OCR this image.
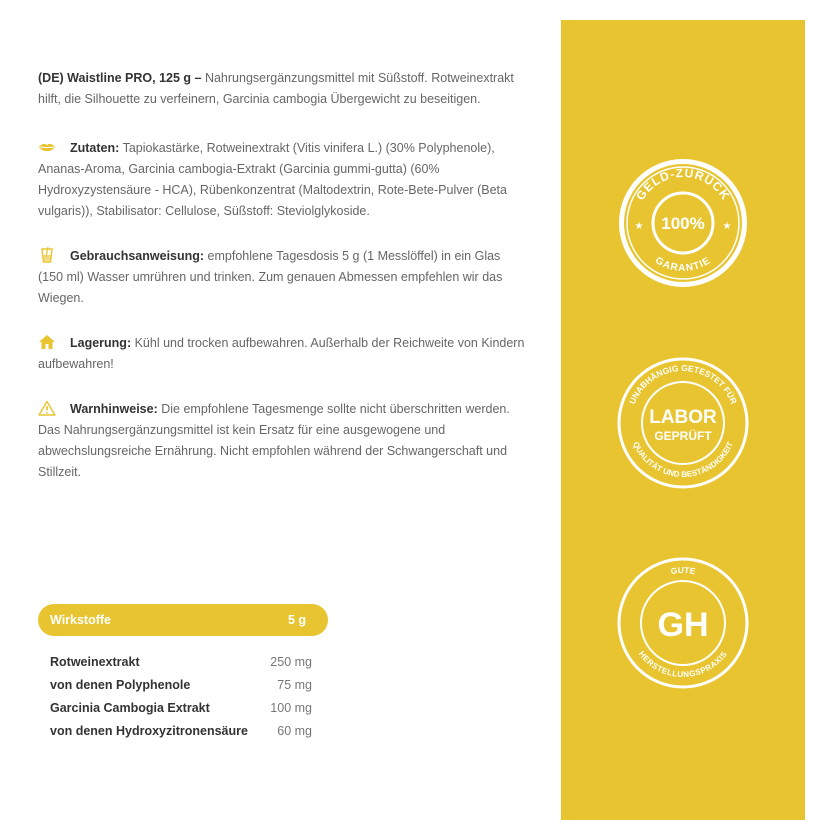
(DE) Waistline PRO, 125 g – Nahrungsergänzungsmittel mit Süßstoff. Rotweinextrakt hilft, die Silhouette zu verfeinern, Garcinia cambogia Übergewicht zu beseitigen.

Zutaten: Tapiokastärke, Rotweinextrakt (Vitis vinifera L.) (30% Polyphenole), Ananas-Aroma, Garcinia cambogia-Extrakt (Garcinia gummi-gutta) (60% Hydroxyzystensäure - HCA), Rübenkonzentrat (Maltodextrin, Rote-Bete-Pulver (Beta vulgaris)), Stabilisator: Cellulose, Süßstoff: Steviolglykoside.

Gebrauchsanweisung: empfohlene Tagesdosis 5 g (1 Messlöffel) in ein Glas (150 ml) Wasser umrühren und trinken. Zum genauen Abmessen empfehlen wir das Wiegen.

Lagerung: Kühl und trocken aufbewahren. Außerhalb der Reichweite von Kindern aufbewahren!

Warnhinweise: Die empfohlene Tagesmenge sollte nicht überschritten werden. Das Nahrungsergänzungsmittel ist kein Ersatz für eine ausgewogene und abwechslungsreiche Ernährung. Nicht empfohlen während der Schwangerschaft und Stillzeit.

Wirkstoffe	5 g
Rotweinextrakt	250 mg
von denen Polyphenole	75 mg
Garcinia Cambogia Extrakt	100 mg
von denen Hydroxyzitronensäure 60 mg
GELD-ZURÜCK
GARANTIE
100%
★	★
UNABHÄNGIG GETESTET FÜR
QUALITÄT UND BESTÄNDIGKEIT
LABOR
GEPRÜFT
GUTE
HERSTELLUNGSPRAXIS
GH
